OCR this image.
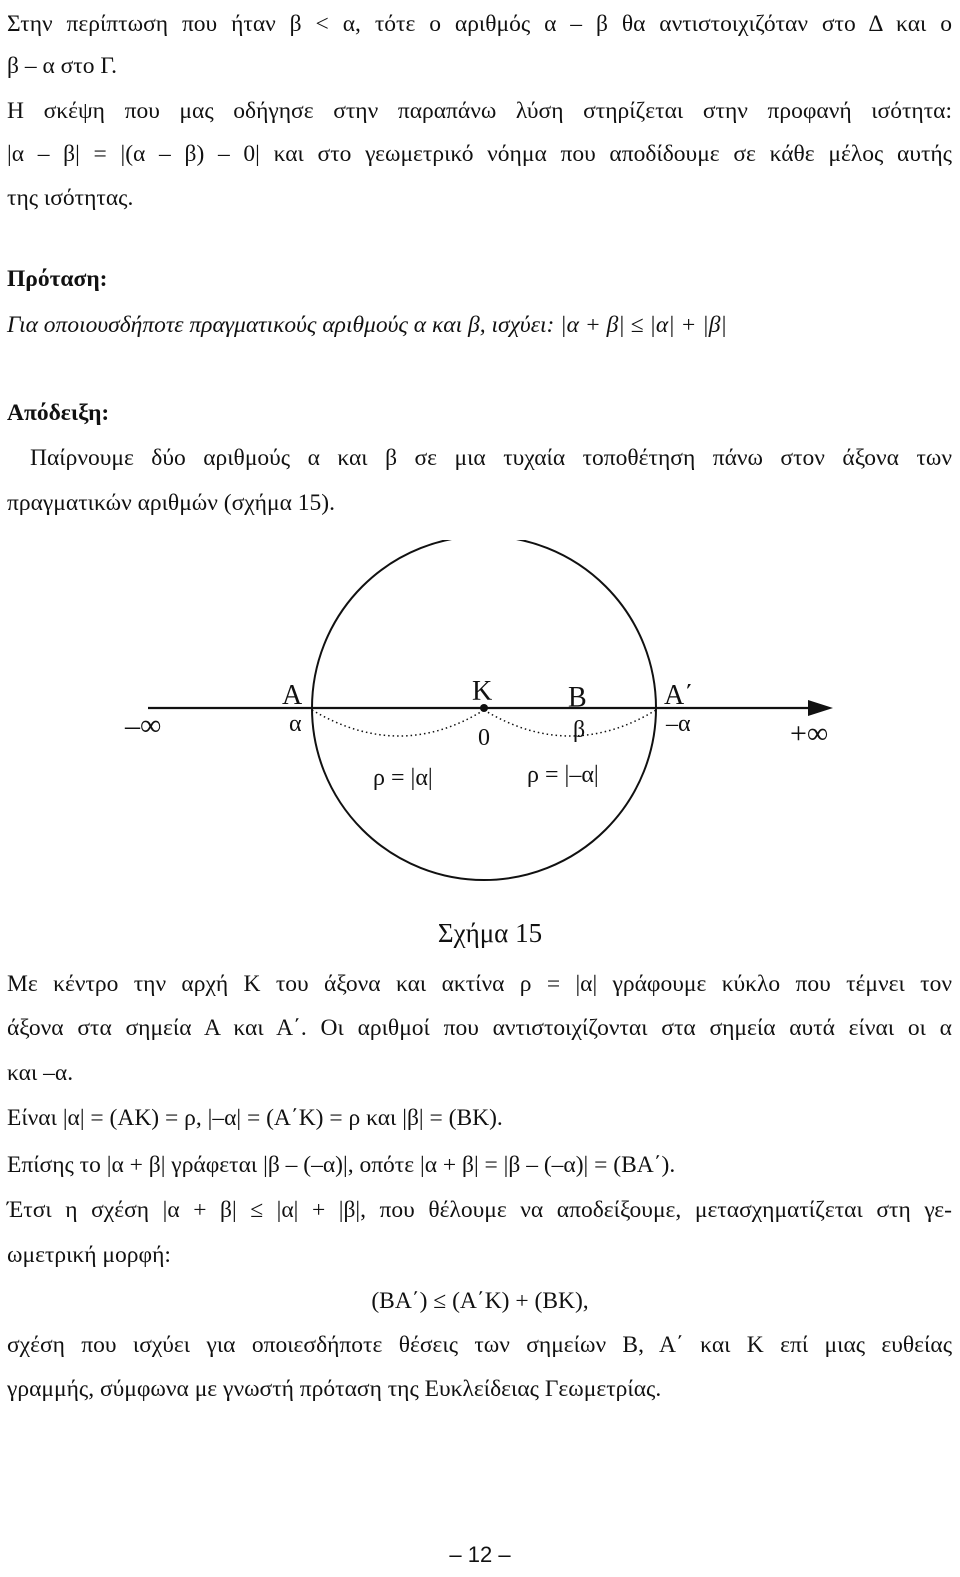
Στην περίπτωση που ήταν β < α, τότε ο αριθμός α – β θα αντιστοιχιζόταν στο Δ και ο

β – α στο Γ.

Η σκέψη που μας οδήγησε στην παραπάνω λύση στηρίζεται στην προφανή ισότητα:

|α – β| = |(α – β) – 0| και στο γεωμετρικό νόημα που αποδίδουμε σε κάθε μέλος αυτής

της ισότητας.

Πρόταση:

Για οποιουσδήποτε πραγματικούς αριθμούς α και β, ισχύει: |α + β| ≤ |α| + |β|

Απόδειξη:

Παίρνουμε δύο αριθμούς α και β σε μια τυχαία τοποθέτηση πάνω στον άξονα των

πραγματικών αριθμών (σχήμα 15).

–∞	+∞
Α	Κ	Β	Α΄
α
0	β	–α
ρ = |α|	ρ = |–α|
Σχήμα 15

Με κέντρο την αρχή Κ του άξονα και ακτίνα ρ = |α| γράφουμε κύκλο που τέμνει τον

άξονα στα σημεία Α και Α΄. Οι αριθμοί που αντιστοιχίζονται στα σημεία αυτά είναι οι α

και –α.

Είναι |α| = (ΑΚ) = ρ, |–α| = (Α΄Κ) = ρ και |β| = (ΒΚ).

Επίσης το |α + β| γράφεται |β – (–α)|, οπότε |α + β| = |β – (–α)| = (ΒΑ΄).

Έτσι η σχέση |α + β| ≤ |α| + |β|, που θέλουμε να αποδείξουμε, μετασχηματίζεται στη γε-

ωμετρική μορφή:

(ΒΑ΄) ≤ (Α΄Κ) + (ΒΚ),

σχέση που ισχύει για οποιεσδήποτε θέσεις των σημείων Β, Α΄ και Κ επί μιας ευθείας

γραμμής, σύμφωνα με γνωστή πρόταση της Ευκλείδειας Γεωμετρίας.

– 12 –
